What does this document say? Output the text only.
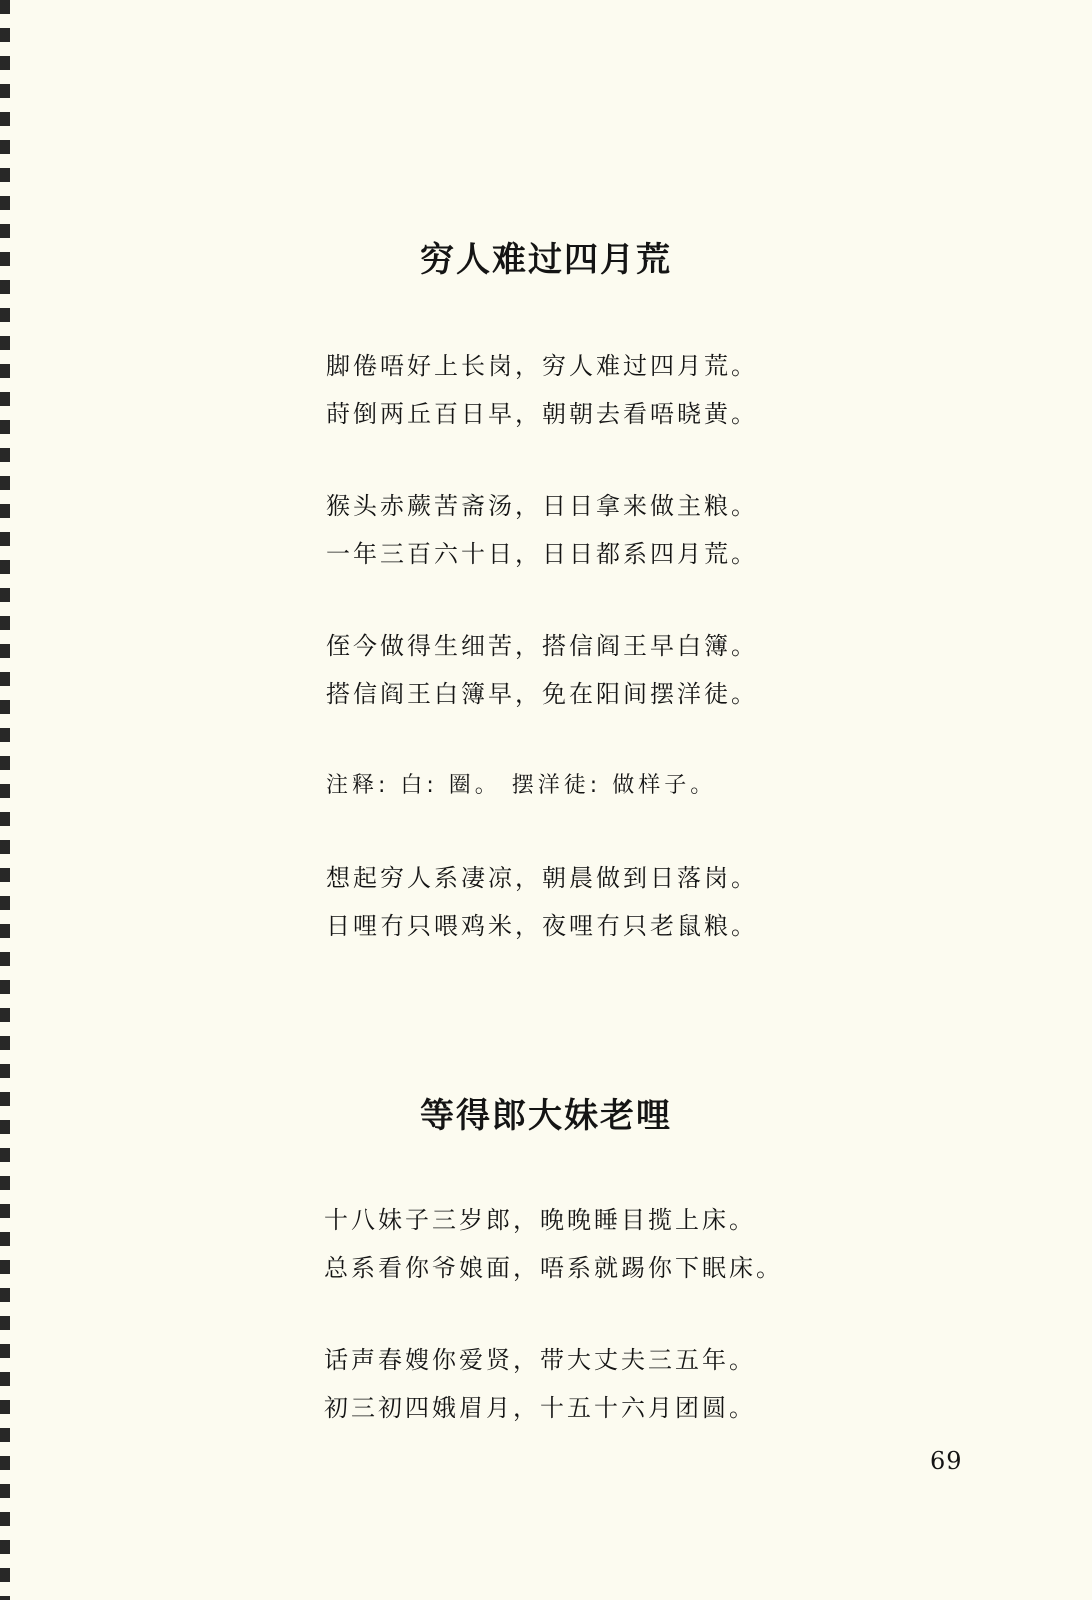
穷人难过四月荒
脚倦唔好上长岗，穷人难过四月荒。
莳倒两丘百日早，朝朝去看唔晓黄。
猴头赤蕨苦斋汤，日日拿来做主粮。
一年三百六十日，日日都系四月荒。
侄今做得生细苦，搭信阎王早白簿。
搭信阎王白簿早，免在阳间摆洋徒。
注释: 白: 圈。 摆洋徒: 做样子。
想起穷人系凄凉，朝晨做到日落岗。
日哩冇只喂鸡米，夜哩冇只老鼠粮。
等得郎大妹老哩
十八妹子三岁郎，晚晚睡目揽上床。
总系看你爷娘面，唔系就踢你下眠床。
话声春嫂你爱贤，带大丈夫三五年。
初三初四娥眉月，十五十六月团圆。
69
